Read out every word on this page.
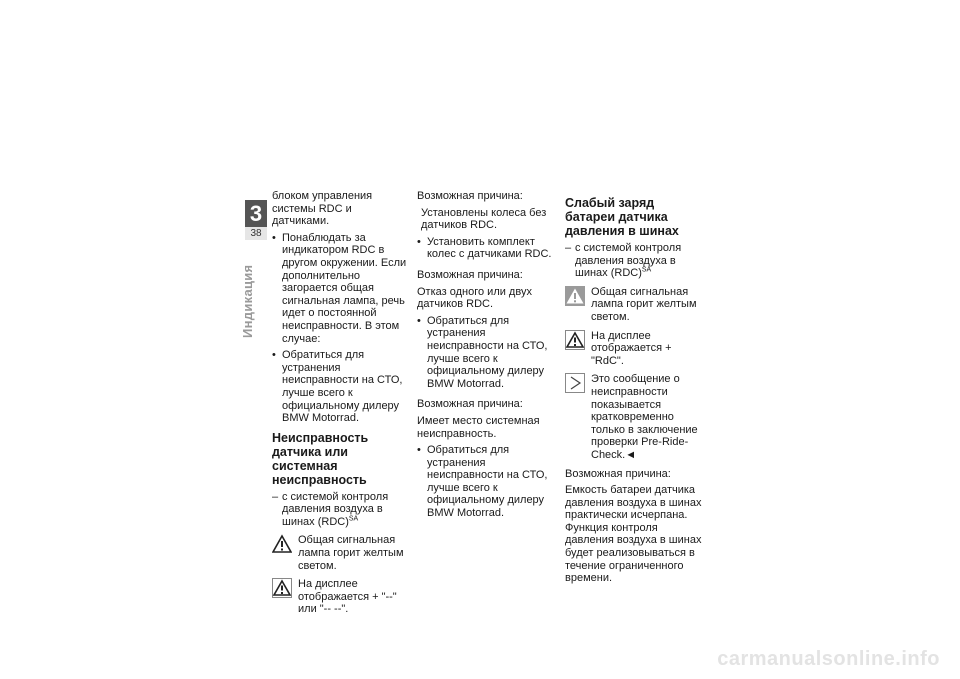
3
38
Индикация

блоком управления системы RDC и датчиками.

• Понаблюдать за индикатором RDC в другом окружении. Если дополнительно загорается общая сигнальная лампа, речь идет о постоянной неисправности. В этом случае:

• Обратиться для устранения неисправности на СТО, лучше всего к официальному дилеру BMW Motorrad.

Неисправность датчика или системная неисправность

– с системой контроля давления воздуха в шинах (RDC)$^{SA}$

Общая сигнальная лампа горит желтым светом.
На дисплее отображается + "--" или "-- --".

Возможная причина:

Установлены колеса без датчиков RDC.

• Установить комплект колес с датчиками RDC.

Возможная причина:

Отказ одного или двух датчиков RDC.

• Обратиться для устранения неисправности на СТО, лучше всего к официальному дилеру BMW Motorrad.

Возможная причина:

Имеет место системная неисправность.

• Обратиться для устранения неисправности на СТО, лучше всего к официальному дилеру BMW Motorrad.

Слабый заряд батареи датчика давления в шинах

– с системой контроля давления воздуха в шинах (RDC)$^{SA}$

Общая сигнальная лампа горит желтым светом.
На дисплее отображается + "RdC".
Это сообщение о неисправности показывается кратковременно только в заключение проверки Pre-Ride-Check.◄

Возможная причина:

Емкость батареи датчика давления воздуха в шинах практически исчерпана. Функция контроля давления воздуха в шинах будет реализовываться в течение ограниченного времени.

carmanualsonline.info
